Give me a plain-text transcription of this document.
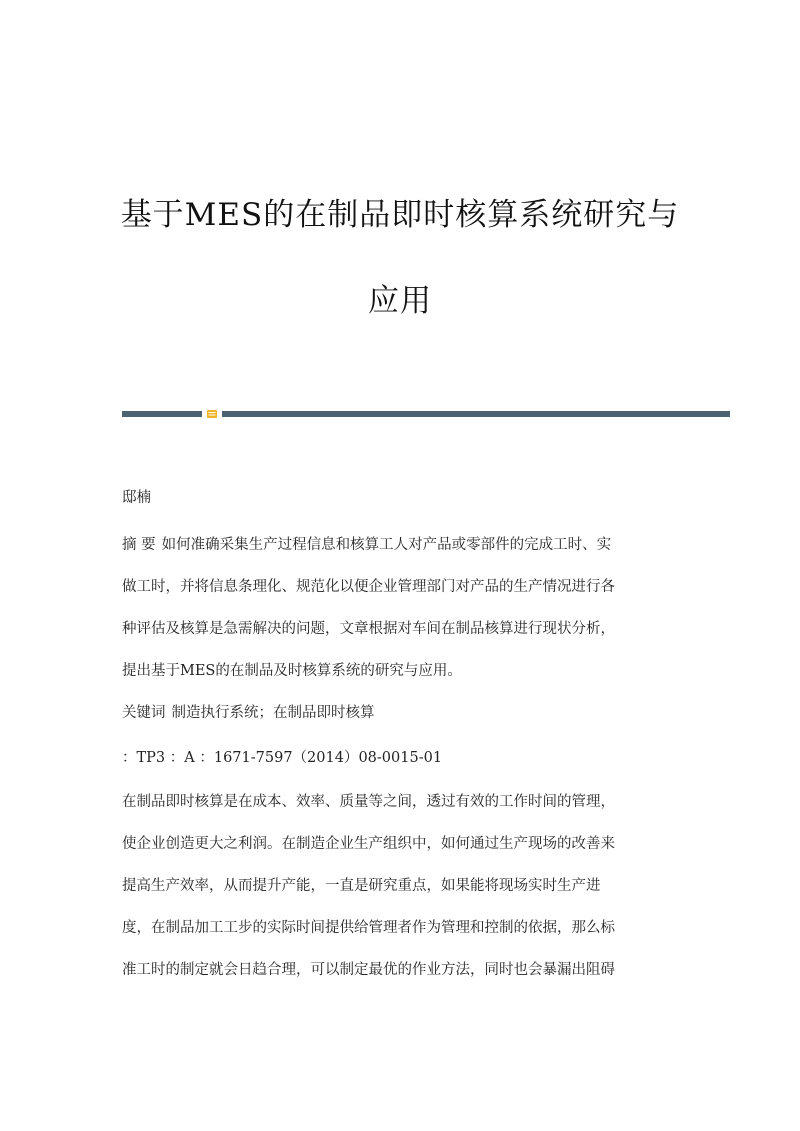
基于MES的在制品即时核算系统研究与
应用
邸楠
摘 要 如何准确采集生产过程信息和核算工人对产品或零部件的完成工时、实
做工时，并将信息条理化、规范化以便企业管理部门对产品的生产情况进行各
种评估及核算是急需解决的问题，文章根据对车间在制品核算进行现状分析，
提出基于MES的在制品及时核算系统的研究与应用。
关键词 制造执行系统；在制品即时核算
：TP3 ：A ：1671-7597（2014）08-0015-01
在制品即时核算是在成本、效率、质量等之间，透过有效的工作时间的管理，
使企业创造更大之利润。在制造企业生产组织中，如何通过生产现场的改善来
提高生产效率，从而提升产能，一直是研究重点，如果能将现场实时生产进
度，在制品加工工步的实际时间提供给管理者作为管理和控制的依据，那么标
准工时的制定就会日趋合理，可以制定最优的作业方法，同时也会暴漏出阻碍
